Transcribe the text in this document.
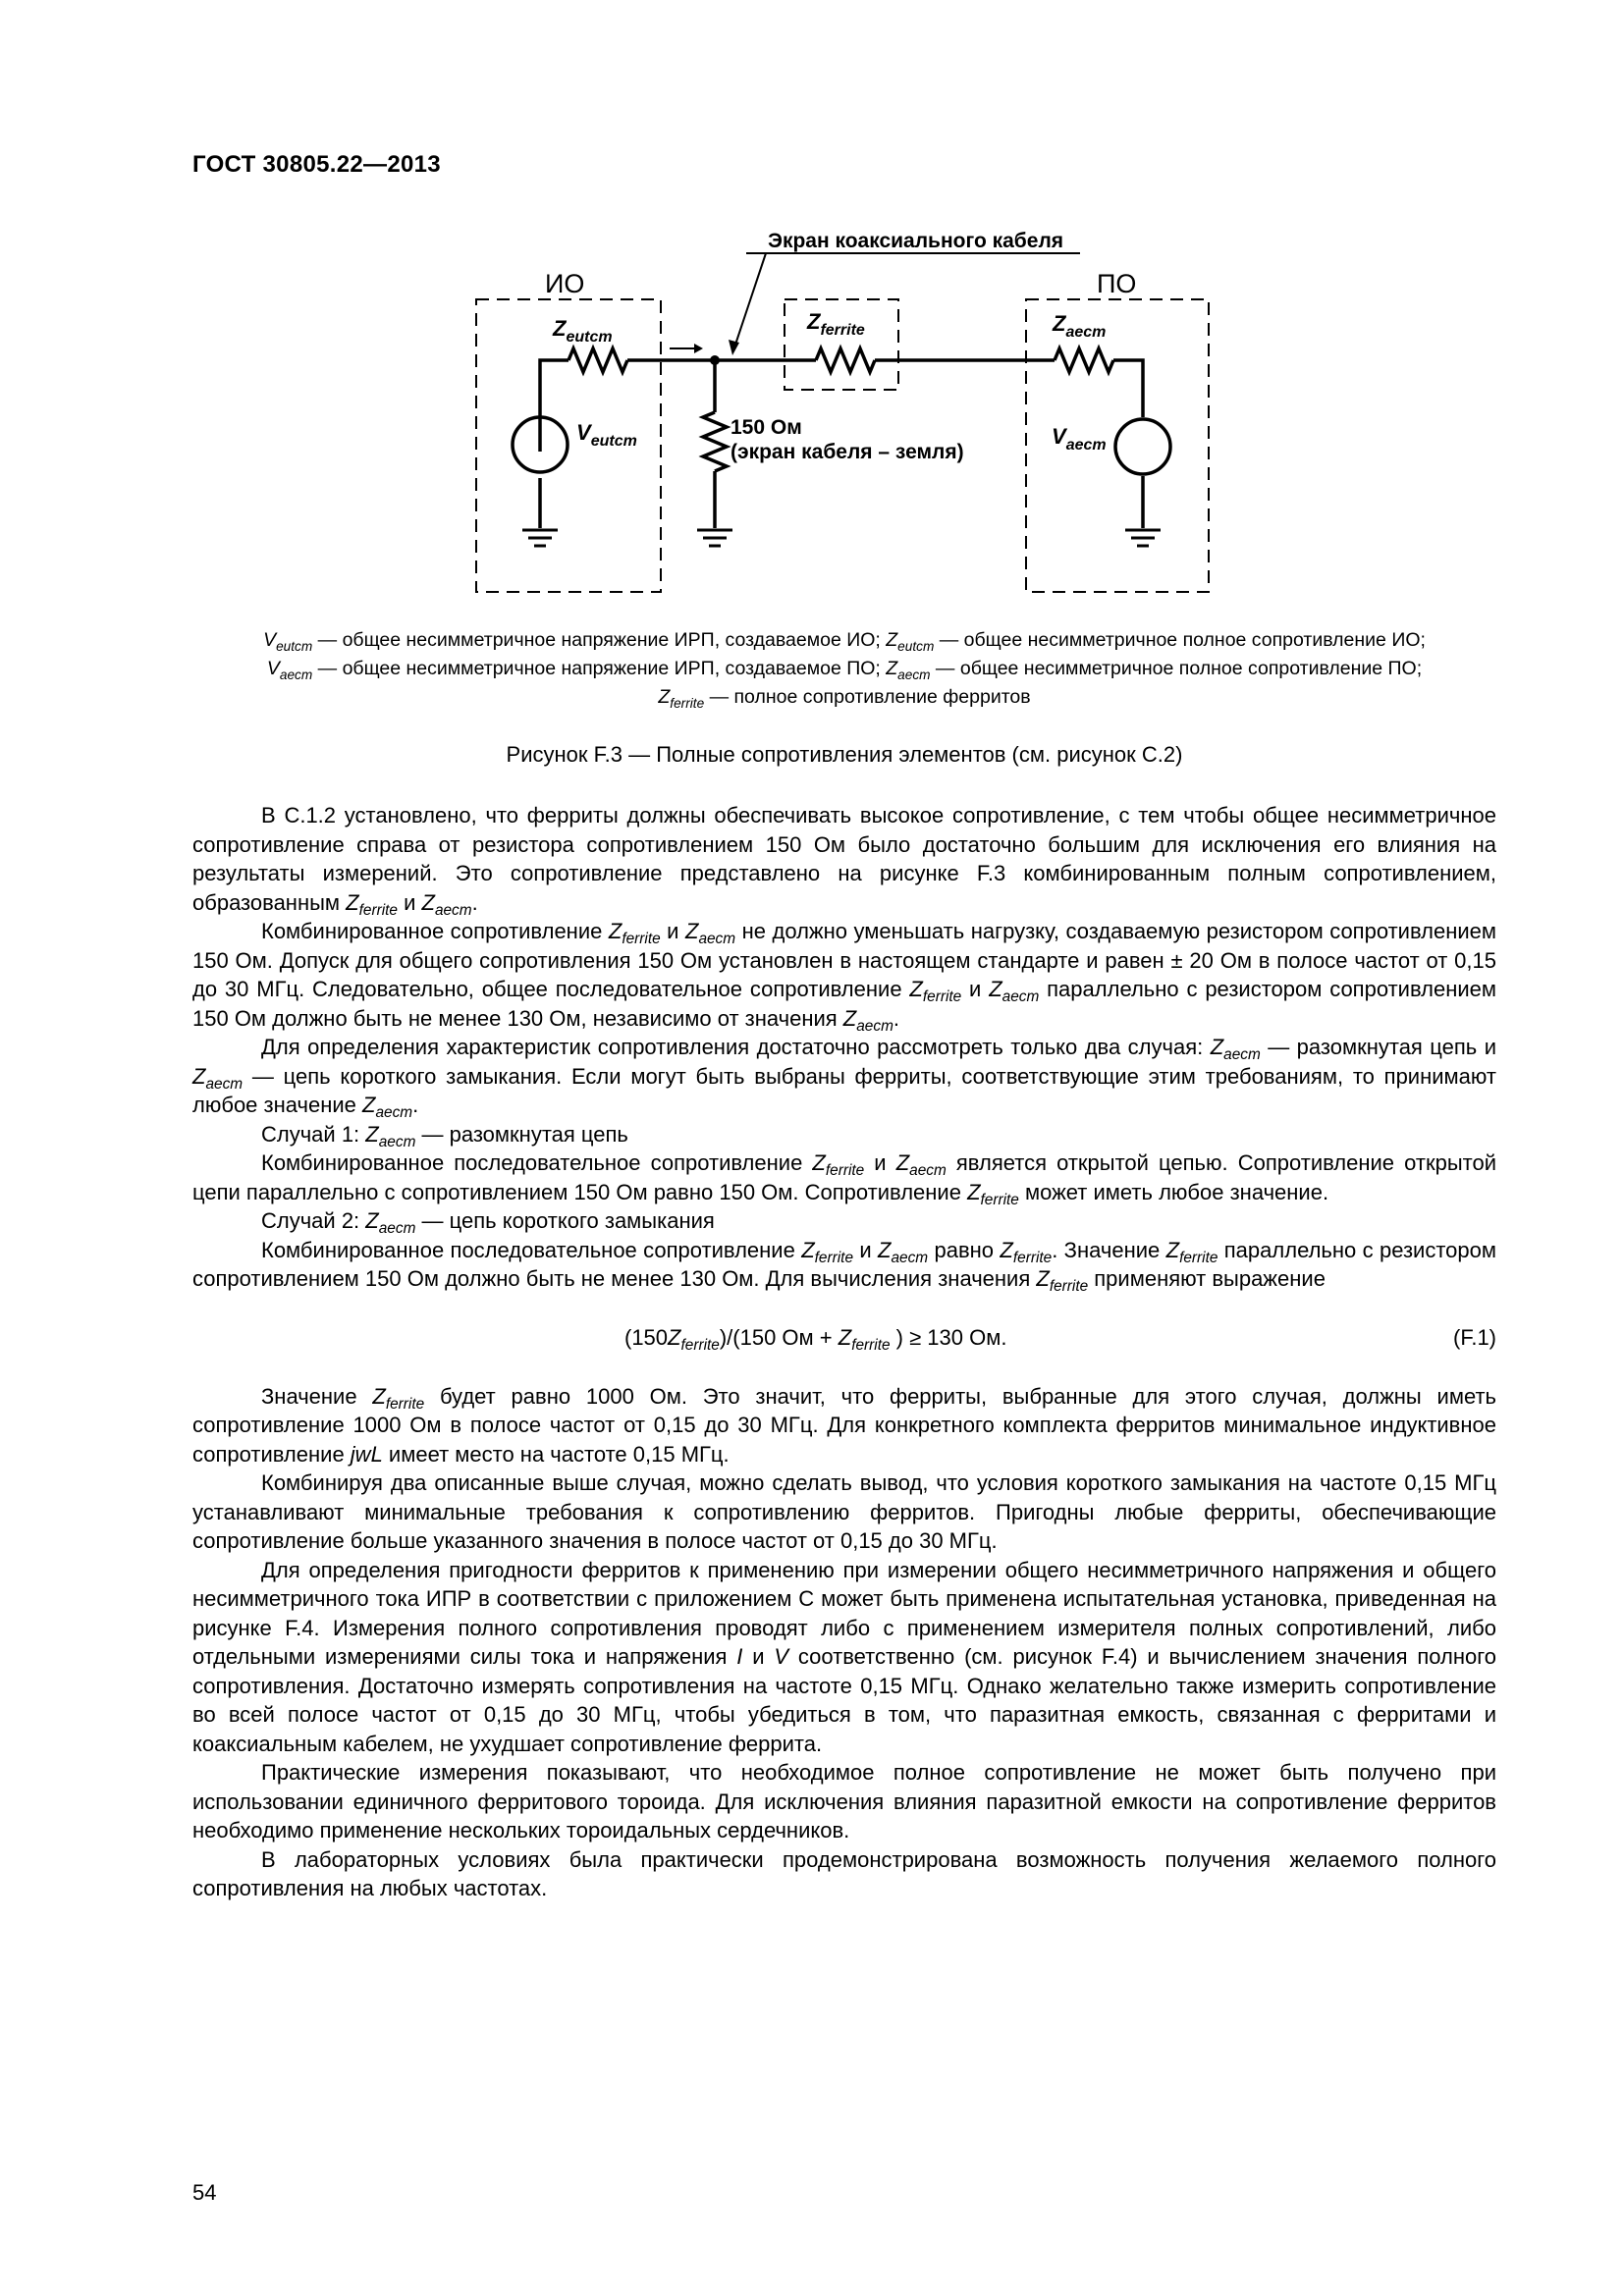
ГОСТ 30805.22—2013
Экран коаксиального кабеля
ИО	ПО
$Z_{eutcm}$
$V_{eutcm}$
$Z_{ferrite}$	$Z_{aecm}$
$V_{aecm}$
150 Ом
(экран кабеля – земля)
$V_{eutcm}$ — общее несимметричное напряжение ИРП, создаваемое ИО; $Z_{eutcm}$ — общее несимметричное полное сопротивление ИО;
$V_{aecm}$ — общее несимметричное напряжение ИРП, создаваемое ПО; $Z_{aecm}$ — общее несимметричное полное сопротивление ПО;
$Z_{ferrite}$ — полное сопротивление ферритов
Рисунок F.3 — Полные сопротивления элементов (см. рисунок С.2)

В С.1.2 установлено, что ферриты должны обеспечивать высокое сопротивление, с тем чтобы общее несимметричное сопротивление справа от резистора сопротивлением 150 Ом было достаточно большим для исключения его влияния на результаты измерений. Это сопротивление представлено на рисунке F.3 комбинированным полным сопротивлением, образованным $Z_{ferrite}$ и $Z_{aecm}$.

Комбинированное сопротивление $Z_{ferrite}$ и $Z_{aecm}$ не должно уменьшать нагрузку, создаваемую резистором сопротивлением 150 Ом. Допуск для общего сопротивления 150 Ом установлен в настоящем стандарте и равен ± 20 Ом в полосе частот от 0,15 до 30 МГц. Следовательно, общее последовательное сопротивление $Z_{ferrite}$ и $Z_{aecm}$ параллельно с резистором сопротивлением 150 Ом должно быть не менее 130 Ом, независимо от значения $Z_{aecm}$.

Для определения характеристик сопротивления достаточно рассмотреть только два случая: $Z_{aecm}$ — разомкнутая цепь и $Z_{aecm}$ — цепь короткого замыкания. Если могут быть выбраны ферриты, соответствующие этим требованиям, то принимают любое значение $Z_{aecm}$.

Случай 1: $Z_{aecm}$ — разомкнутая цепь

Комбинированное последовательное сопротивление $Z_{ferrite}$ и $Z_{aecm}$ является открытой цепью. Сопротивление открытой цепи параллельно с сопротивлением 150 Ом равно 150 Ом. Сопротивление $Z_{ferrite}$ может иметь любое значение.

Случай 2: $Z_{aecm}$ — цепь короткого замыкания

Комбинированное последовательное сопротивление $Z_{ferrite}$ и $Z_{aecm}$ равно $Z_{ferrite}$. Значение $Z_{ferrite}$ параллельно с резистором сопротивлением 150 Ом должно быть не менее 130 Ом. Для вычисления значения $Z_{ferrite}$ применяют выражение

$(150Z_{ferrite})/(150$ Ом + $Z_{ferrite}$ ) ≥ 130 Ом.	(F.1)

Значение $Z_{ferrite}$ будет равно 1000 Ом. Это значит, что ферриты, выбранные для этого случая, должны иметь сопротивление 1000 Ом в полосе частот от 0,15 до 30 МГц. Для конкретного комплекта ферритов минимальное индуктивное сопротивление jwL имеет место на частоте 0,15 МГц.

Комбинируя два описанные выше случая, можно сделать вывод, что условия короткого замыкания на частоте 0,15 МГц устанавливают минимальные требования к сопротивлению ферритов. Пригодны любые ферриты, обеспечивающие сопротивление больше указанного значения в полосе частот от 0,15 до 30 МГц.

Для определения пригодности ферритов к применению при измерении общего несимметричного напряжения и общего несимметричного тока ИПР в соответствии с приложением С может быть применена испытательная установка, приведенная на рисунке F.4. Измерения полного сопротивления проводят либо с применением измерителя полных сопротивлений, либо отдельными измерениями силы тока и напряжения I и V соответственно (см. рисунок F.4) и вычислением значения полного сопротивления. Достаточно измерять сопротивления на частоте 0,15 МГц. Однако желательно также измерить сопротивление во всей полосе частот от 0,15 до 30 МГц, чтобы убедиться в том, что паразитная емкость, связанная с ферритами и коаксиальным кабелем, не ухудшает сопротивление феррита.

Практические измерения показывают, что необходимое полное сопротивление не может быть получено при использовании единичного ферритового тороида. Для исключения влияния паразитной емкости на сопротивление ферритов необходимо применение нескольких тороидальных сердечников.

В лабораторных условиях была практически продемонстрирована возможность получения желаемого полного сопротивления на любых частотах.

54
